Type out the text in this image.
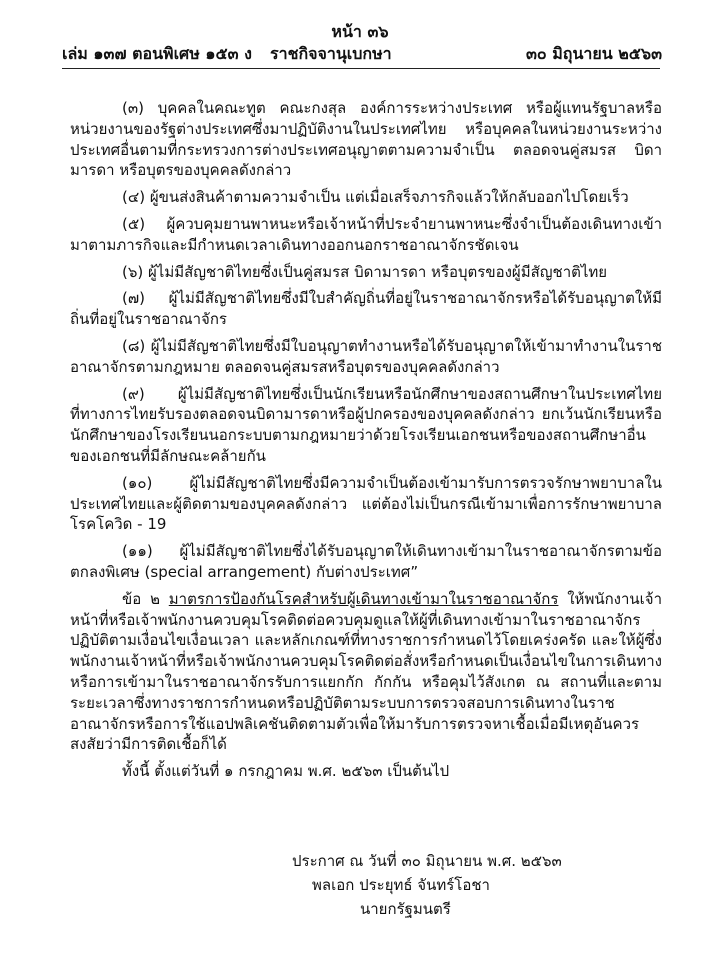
หน้า ๓๖
เล่ม ๑๓๗ ตอนพิเศษ ๑๕๓ ง ราชกิจจานุเบกษา	๓๐ มิถุนายน ๒๕๖๓

(๓) บุคคลในคณะทูต คณะกงสุล องค์การระหว่างประเทศ หรือผู้แทนรัฐบาลหรือหน่วยงานของรัฐต่างประเทศซึ่งมาปฏิบัติงานในประเทศไทย หรือบุคคลในหน่วยงานระหว่างประเทศอื่นตามที่กระทรวงการต่างประเทศอนุญาตตามความจำเป็น ตลอดจนคู่สมรส บิดามารดา หรือบุตรของบุคคลดังกล่าว

(๔) ผู้ขนส่งสินค้าตามความจำเป็น แต่เมื่อเสร็จภารกิจแล้วให้กลับออกไปโดยเร็ว

(๕) ผู้ควบคุมยานพาหนะหรือเจ้าหน้าที่ประจำยานพาหนะซึ่งจำเป็นต้องเดินทางเข้ามาตามภารกิจและมีกำหนดเวลาเดินทางออกนอกราชอาณาจักรชัดเจน

(๖) ผู้ไม่มีสัญชาติไทยซึ่งเป็นคู่สมรส บิดามารดา หรือบุตรของผู้มีสัญชาติไทย

(๗) ผู้ไม่มีสัญชาติไทยซึ่งมีใบสำคัญถิ่นที่อยู่ในราชอาณาจักรหรือได้รับอนุญาตให้มีถิ่นที่อยู่ในราชอาณาจักร

(๘) ผู้ไม่มีสัญชาติไทยซึ่งมีใบอนุญาตทำงานหรือได้รับอนุญาตให้เข้ามาทำงานในราชอาณาจักรตามกฎหมาย ตลอดจนคู่สมรสหรือบุตรของบุคคลดังกล่าว

(๙) ผู้ไม่มีสัญชาติไทยซึ่งเป็นนักเรียนหรือนักศึกษาของสถานศึกษาในประเทศไทยที่ทางการไทยรับรองตลอดจนบิดามารดาหรือผู้ปกครองของบุคคลดังกล่าว ยกเว้นนักเรียนหรือนักศึกษาของโรงเรียนนอกระบบตามกฎหมายว่าด้วยโรงเรียนเอกชนหรือของสถานศึกษาอื่นของเอกชนที่มีลักษณะคล้ายกัน

(๑๐) ผู้ไม่มีสัญชาติไทยซึ่งมีความจำเป็นต้องเข้ามารับการตรวจรักษาพยาบาลในประเทศไทยและผู้ติดตามของบุคคลดังกล่าว แต่ต้องไม่เป็นกรณีเข้ามาเพื่อการรักษาพยาบาลโรคโควิด - 19

(๑๑) ผู้ไม่มีสัญชาติไทยซึ่งได้รับอนุญาตให้เดินทางเข้ามาในราชอาณาจักรตามข้อตกลงพิเศษ (special arrangement) กับต่างประเทศ”

ข้อ ๒ มาตรการป้องกันโรคสำหรับผู้เดินทางเข้ามาในราชอาณาจักร ให้พนักงานเจ้าหน้าที่หรือเจ้าพนักงานควบคุมโรคติดต่อควบคุมดูแลให้ผู้ที่เดินทางเข้ามาในราชอาณาจักรปฏิบัติตามเงื่อนไขเงื่อนเวลา และหลักเกณฑ์ที่ทางราชการกำหนดไว้โดยเคร่งครัด และให้ผู้ซึ่งพนักงานเจ้าหน้าที่หรือเจ้าพนักงานควบคุมโรคติดต่อสั่งหรือกำหนดเป็นเงื่อนไขในการเดินทางหรือการเข้ามาในราชอาณาจักรรับการแยกกัก กักกัน หรือคุมไว้สังเกต ณ สถานที่และตามระยะเวลาซึ่งทางราชการกำหนดหรือปฏิบัติตามระบบการตรวจสอบการเดินทางในราชอาณาจักรหรือการใช้แอปพลิเคชันติดตามตัวเพื่อให้มารับการตรวจหาเชื้อเมื่อมีเหตุอันควรสงสัยว่ามีการติดเชื้อก็ได้

ทั้งนี้ ตั้งแต่วันที่ ๑ กรกฎาคม พ.ศ. ๒๕๖๓ เป็นต้นไป

ประกาศ ณ วันที่ ๓๐ มิถุนายน พ.ศ. ๒๕๖๓
พลเอก ประยุทธ์ จันทร์โอชา
นายกรัฐมนตรี
